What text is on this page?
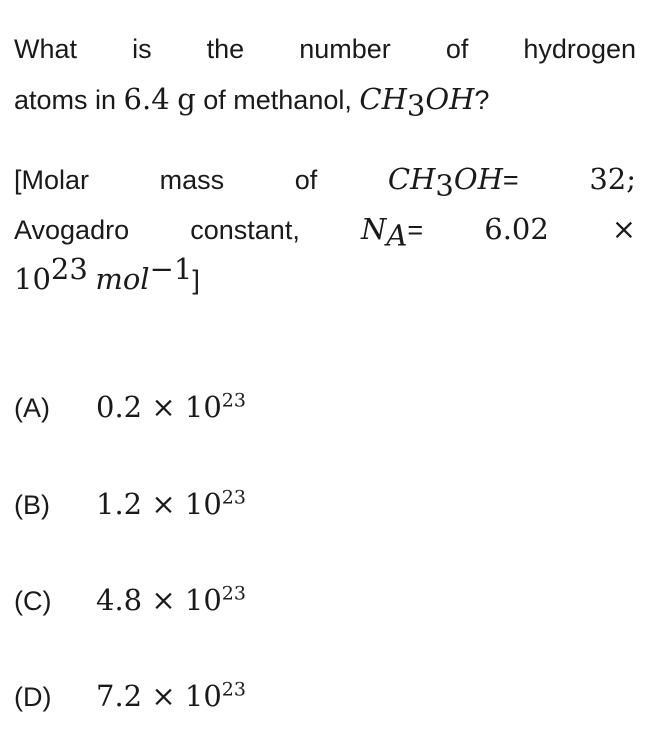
What is the number of hydrogen
atoms in 6.4 g of methanol, $CH_3OH$?
[Molar mass of $CH_3OH= 32$;
Avogadro constant, $N_A= 6.02$ ×
$10^{23}$ mol$^{-1}$]
(A) $0.2 \times 10^{23}$
(B) $1.2 \times 10^{23}$
(C) $4.8 \times 10^{23}$
(D) $7.2 \times 10^{23}$
